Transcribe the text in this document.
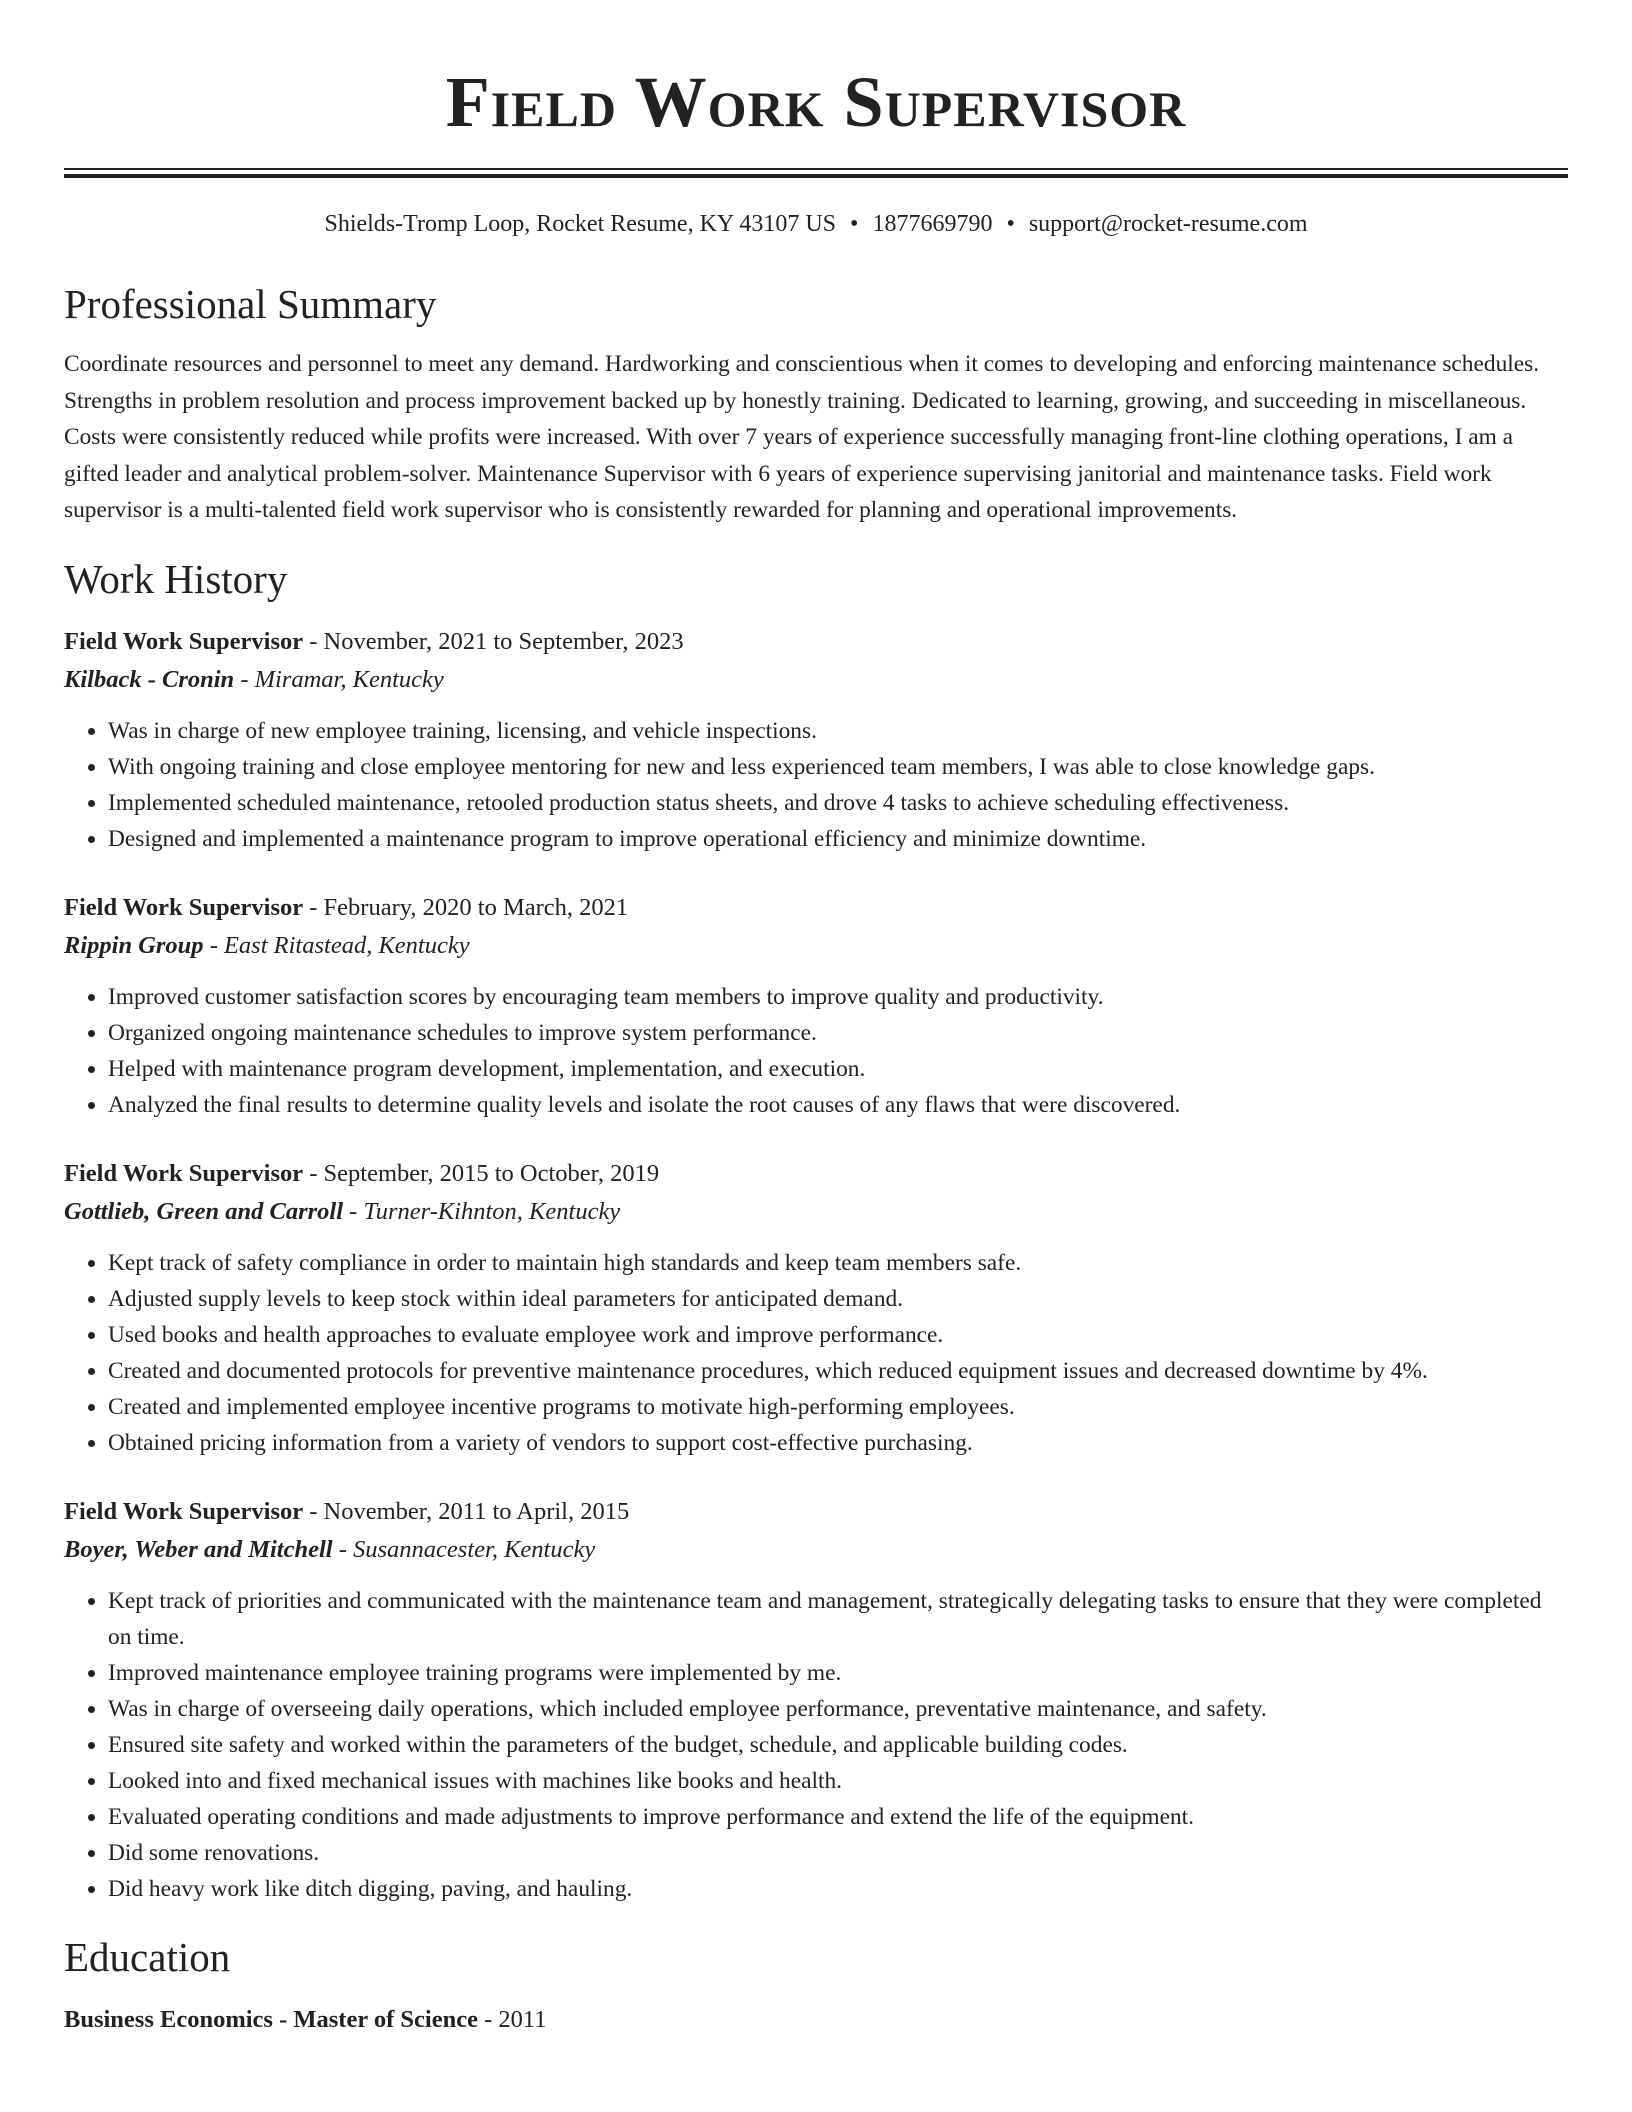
Field Work Supervisor
Shields-Tromp Loop, Rocket Resume, KY 43107 US • 1877669790 • support@rocket-resume.com
Professional Summary

Coordinate resources and personnel to meet any demand. Hardworking and conscientious when it comes to developing and enforcing maintenance schedules. Strengths in problem resolution and process improvement backed up by honestly training. Dedicated to learning, growing, and succeeding in miscellaneous. Costs were consistently reduced while profits were increased. With over 7 years of experience successfully managing front-line clothing operations, I am a gifted leader and analytical problem-solver. Maintenance Supervisor with 6 years of experience supervising janitorial and maintenance tasks. Field work supervisor is a multi-talented field work supervisor who is consistently rewarded for planning and operational improvements.

Work History

Field Work Supervisor - November, 2021 to September, 2023

Kilback - Cronin - Miramar, Kentucky

• Was in charge of new employee training, licensing, and vehicle inspections.
• With ongoing training and close employee mentoring for new and less experienced team members, I was able to close knowledge gaps.
• Implemented scheduled maintenance, retooled production status sheets, and drove 4 tasks to achieve scheduling effectiveness.
• Designed and implemented a maintenance program to improve operational efficiency and minimize downtime.

Field Work Supervisor - February, 2020 to March, 2021

Rippin Group - East Ritastead, Kentucky

• Improved customer satisfaction scores by encouraging team members to improve quality and productivity.
• Organized ongoing maintenance schedules to improve system performance.
• Helped with maintenance program development, implementation, and execution.
• Analyzed the final results to determine quality levels and isolate the root causes of any flaws that were discovered.

Field Work Supervisor - September, 2015 to October, 2019

Gottlieb, Green and Carroll - Turner-Kihnton, Kentucky

• Kept track of safety compliance in order to maintain high standards and keep team members safe.
• Adjusted supply levels to keep stock within ideal parameters for anticipated demand.
• Used books and health approaches to evaluate employee work and improve performance.
• Created and documented protocols for preventive maintenance procedures, which reduced equipment issues and decreased downtime by 4%.
• Created and implemented employee incentive programs to motivate high-performing employees.
• Obtained pricing information from a variety of vendors to support cost-effective purchasing.

Field Work Supervisor - November, 2011 to April, 2015

Boyer, Weber and Mitchell - Susannacester, Kentucky

• Kept track of priorities and communicated with the maintenance team and management, strategically delegating tasks to ensure that they were completed on time.
• Improved maintenance employee training programs were implemented by me.
• Was in charge of overseeing daily operations, which included employee performance, preventative maintenance, and safety.
• Ensured site safety and worked within the parameters of the budget, schedule, and applicable building codes.
• Looked into and fixed mechanical issues with machines like books and health.
• Evaluated operating conditions and made adjustments to improve performance and extend the life of the equipment.
• Did some renovations.
• Did heavy work like ditch digging, paving, and hauling.
Education

Business Economics - Master of Science - 2011
